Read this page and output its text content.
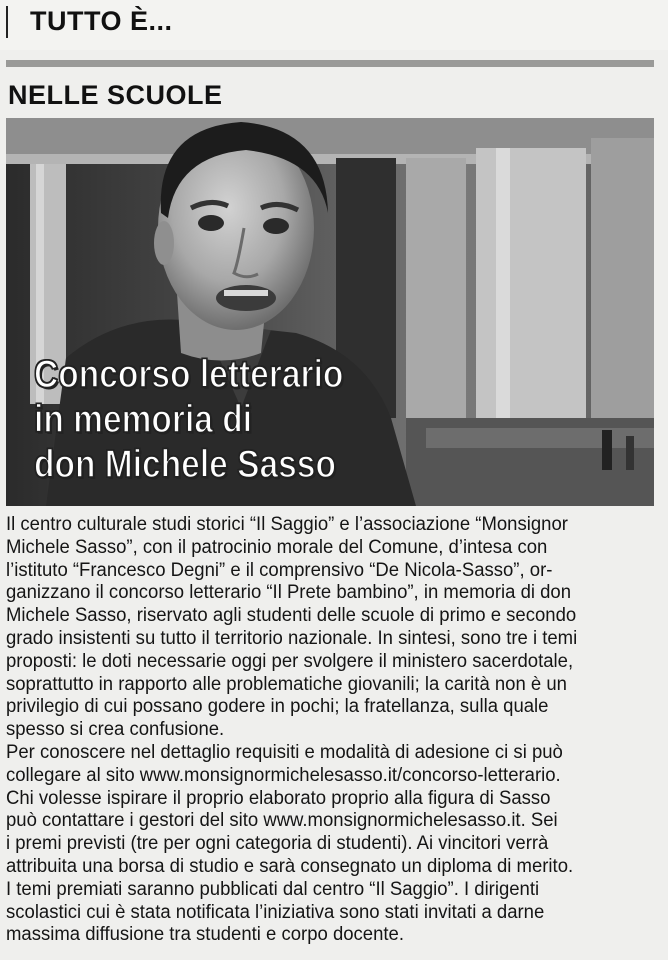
TUTTO È...
NELLE SCUOLE
Concorso letterario
in memoria di
don Michele Sasso
Il centro culturale studi storici “Il Saggio” e l’associazione “Monsignor
Michele Sasso”, con il patrocinio morale del Comune, d’intesa con
l’istituto “Francesco Degni” e il comprensivo “De Nicola-Sasso”, or-
ganizzano il concorso letterario “Il Prete bambino”, in memoria di don
Michele Sasso, riservato agli studenti delle scuole di primo e secondo
grado insistenti su tutto il territorio nazionale. In sintesi, sono tre i temi
proposti: le doti necessarie oggi per svolgere il ministero sacerdotale,
soprattutto in rapporto alle problematiche giovanili; la carità non è un
privilegio di cui possano godere in pochi; la fratellanza, sulla quale
spesso si crea confusione.
Per conoscere nel dettaglio requisiti e modalità di adesione ci si può
collegare al sito www.monsignormichelesasso.it/concorso-letterario.
Chi volesse ispirare il proprio elaborato proprio alla figura di Sasso
può contattare i gestori del sito www.monsignormichelesasso.it. Sei
i premi previsti (tre per ogni categoria di studenti). Ai vincitori verrà
attribuita una borsa di studio e sarà consegnato un diploma di merito.
I temi premiati saranno pubblicati dal centro “Il Saggio”. I dirigenti
scolastici cui è stata notificata l’iniziativa sono stati invitati a darne
massima diffusione tra studenti e corpo docente.
